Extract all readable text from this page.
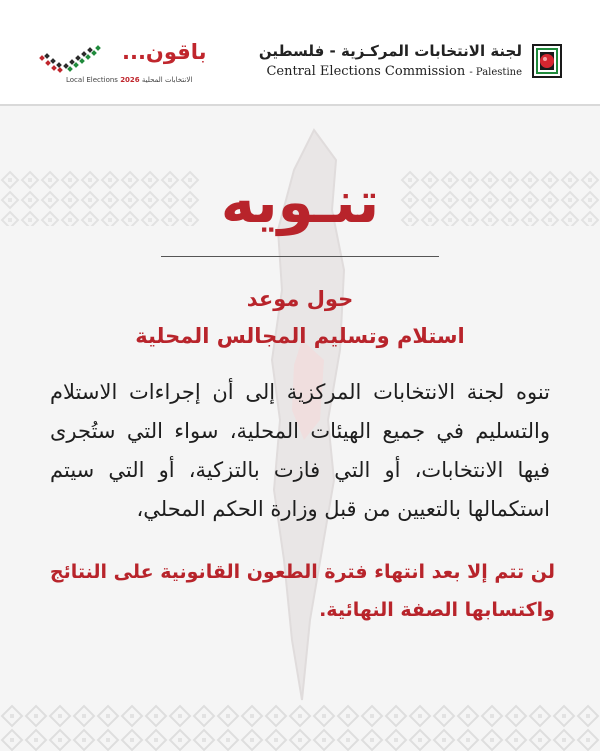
باقون...
Local Elections	الانتخابات المحلية 2026
لجنة الانتخابات المركـزية - فلسطين
Central Elections Commission - Palestine
تنـويه
حول موعد
استلام وتسليم المجالس المحلية
تنوه لجنة الانتخابات المركزية إلى أن إجراءات الاستلام والتسليم في جميع الهيئات المحلية، سواء التي ستُجرى فيها الانتخابات، أو التي فازت بالتزكية، أو التي سيتم استكمالها بالتعيين من قبل وزارة الحكم المحلي،
لن تتم إلا بعد انتهاء فترة الطعون القانونية على النتائج واكتسابها الصفة النهائية.
